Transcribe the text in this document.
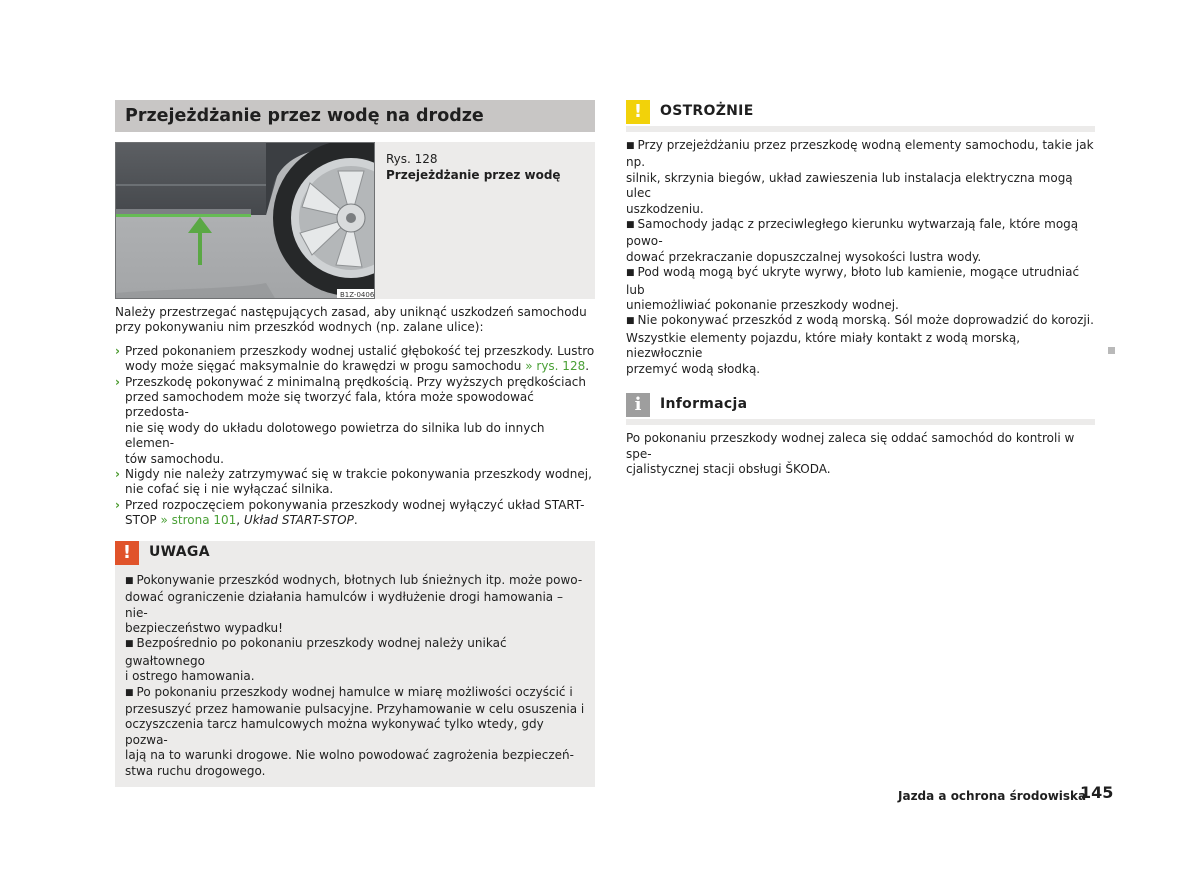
Przejeżdżanie przez wodę na drodze
B1Z-0406
Rys. 128
Przejeżdżanie przez wodę

Należy przestrzegać następujących zasad, aby uniknąć uszkodzeń samochodu
przy pokonywaniu nim przeszkód wodnych (np. zalane ulice):

› Przed pokonaniem przeszkody wodnej ustalić głębokość tej przeszkody. Lustro
wody może sięgać maksymalnie do krawędzi w progu samochodu » rys. 128.
› Przeszkodę pokonywać z minimalną prędkością. Przy wyższych prędkościach
przed samochodem może się tworzyć fala, która może spowodować przedosta-
nie się wody do układu dolotowego powietrza do silnika lub do innych elemen-
tów samochodu.
› Nigdy nie należy zatrzymywać się w trakcie pokonywania przeszkody wodnej,
nie cofać się i nie wyłączać silnika.
› Przed rozpoczęciem pokonywania przeszkody wodnej wyłączyć układ START-
STOP » strona 101, Układ START-STOP.
!	UWAGA
■ Pokonywanie przeszkód wodnych, błotnych lub śnieżnych itp. może powo-
dować ograniczenie działania hamulców i wydłużenie drogi hamowania – nie-
bezpieczeństwo wypadku!
■ Bezpośrednio po pokonaniu przeszkody wodnej należy unikać gwałtownego
i ostrego hamowania.
■ Po pokonaniu przeszkody wodnej hamulce w miarę możliwości oczyścić i
przesuszyć przez hamowanie pulsacyjne. Przyhamowanie w celu osuszenia i
oczyszczenia tarcz hamulcowych można wykonywać tylko wtedy, gdy pozwa-
lają na to warunki drogowe. Nie wolno powodować zagrożenia bezpieczeń-
stwa ruchu drogowego.
!	OSTROŻNIE
■ Przy przejeżdżaniu przez przeszkodę wodną elementy samochodu, takie jak np.
silnik, skrzynia biegów, układ zawieszenia lub instalacja elektryczna mogą ulec
uszkodzeniu.
■ Samochody jadąc z przeciwległego kierunku wytwarzają fale, które mogą powo-
dować przekraczanie dopuszczalnej wysokości lustra wody.
■ Pod wodą mogą być ukryte wyrwy, błoto lub kamienie, mogące utrudniać lub
uniemożliwiać pokonanie przeszkody wodnej.
■ Nie pokonywać przeszkód z wodą morską. Sól może doprowadzić do korozji.
Wszystkie elementy pojazdu, które miały kontakt z wodą morską, niezwłocznie
przemyć wodą słodką.
i	Informacja
Po pokonaniu przeszkody wodnej zaleca się oddać samochód do kontroli w spe-
cjalistycznej stacji obsługi ŠKODA.
Jazda a ochrona środowiska
145
